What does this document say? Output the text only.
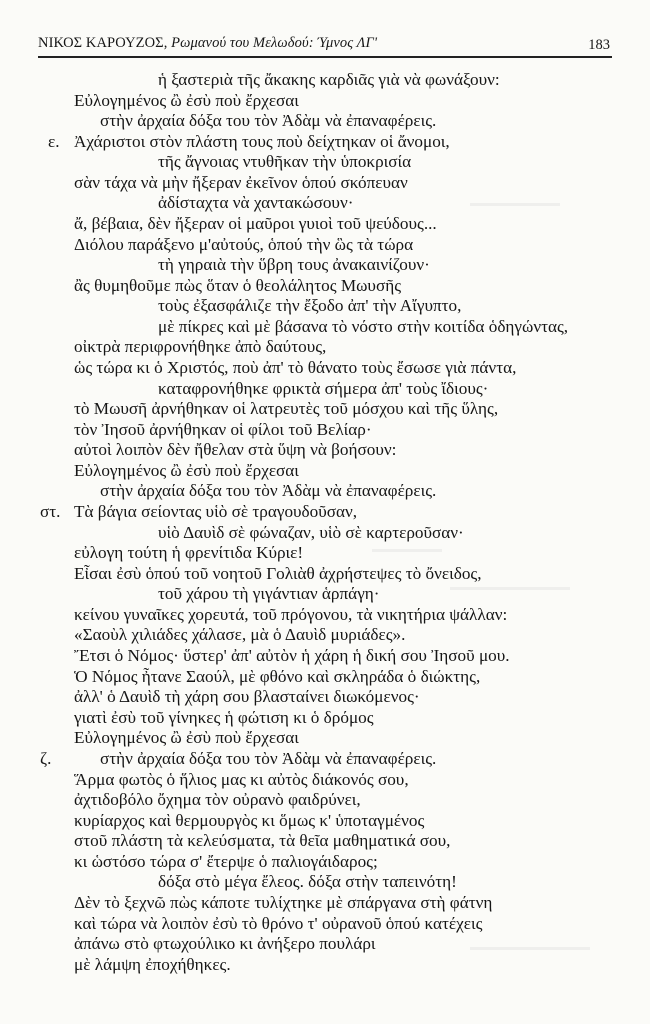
ΝΙΚΟΣ ΚΑΡΟΥΖΟΣ, Ρωμανού του Μελωδού: Ύμνος ΛΓ'	183
ε.
στ.
ζ.
ἡ ξαστεριὰ τῆς ἄκακης καρδιᾶς γιὰ νὰ φωνάξουν:
Εὐλογημένος ὢ ἐσὺ ποὺ ἔρχεσαι
στὴν ἀρχαία δόξα του τὸν Ἀδὰμ νὰ ἐπαναφέρεις.
Ἀχάριστοι στὸν πλάστη τους ποὺ δείχτηκαν οἱ ἄνομοι,
τῆς ἄγνοιας ντυθῆκαν τὴν ὑποκρισία
σὰν τάχα νὰ μὴν ἤξεραν ἐκεῖνον ὁπού σκόπευαν
ἀδίσταχτα νὰ χαντακώσουν·
ἄ, βέβαια, δὲν ἤξεραν οἱ μαῦροι γυιοὶ τοῦ ψεύδους...
Διόλου παράξενο μ'αὐτούς, ὁπού τὴν ὣς τὰ τώρα
τὴ γηραιὰ τὴν ὕβρη τους ἀνακαινίζουν·
ἂς θυμηθοῦμε πὼς ὅταν ὁ θεολάλητος Μωυσῆς
τοὺς ἐξασφάλιζε τὴν ἔξοδο ἀπ' τὴν Αἴγυπτο,
μὲ πίκρες καὶ μὲ βάσανα τὸ νόστο στὴν κοιτίδα ὁδηγώντας,
οἰκτρὰ περιφρονήθηκε ἀπὸ δαύτους,
ὡς τώρα κι ὁ Χριστός, ποὺ ἀπ' τὸ θάνατο τοὺς ἔσωσε γιὰ πάντα,
καταφρονήθηκε φρικτὰ σήμερα ἀπ' τοὺς ἴδιους·
τὸ Μωυσῆ ἀρνήθηκαν οἱ λατρευτὲς τοῦ μόσχου καὶ τῆς ὕλης,
τὸν Ἰησοῦ ἀρνήθηκαν οἱ φίλοι τοῦ Βελίαρ·
αὐτοὶ λοιπὸν δὲν ἤθελαν στὰ ὕψη νὰ βοήσουν:
Εὐλογημένος ὢ ἐσὺ ποὺ ἔρχεσαι
στὴν ἀρχαία δόξα του τὸν Ἀδὰμ νὰ ἐπαναφέρεις.
Τὰ βάγια σείοντας υἱὸ σὲ τραγουδοῦσαν,
υἱὸ Δαυὶδ σὲ φώναζαν, υἱὸ σὲ καρτεροῦσαν·
εὐλογη τούτη ἡ φρενίτιδα Κύριε!
Εἶσαι ἐσὺ ὁπού τοῦ νοητοῦ Γολιὰθ ἀχρήστεψες τὸ ὄνειδος,
τοῦ χάρου τὴ γιγάντιαν ἁρπάγη·
κείνου γυναῖκες χορευτά, τοῦ πρόγονου, τὰ νικητήρια ψάλλαν:
«Σαοὺλ χιλιάδες χάλασε, μὰ ὁ Δαυὶδ μυριάδες».
Ἔτσι ὁ Νόμος· ὕστερ' ἀπ' αὐτὸν ἡ χάρη ἡ δική σου Ἰησοῦ μου.
Ὁ Νόμος ἦτανε Σαούλ, μὲ φθόνο καὶ σκληράδα ὁ διώκτης,
ἀλλ' ὁ Δαυὶδ τὴ χάρη σου βλασταίνει διωκόμενος·
γιατὶ ἐσὺ τοῦ γίνηκες ἡ φώτιση κι ὁ δρόμος
Εὐλογημένος ὢ ἐσὺ ποὺ ἔρχεσαι
στὴν ἀρχαία δόξα του τὸν Ἀδὰμ νὰ ἐπαναφέρεις.
Ἅρμα φωτὸς ὁ ἥλιος μας κι αὐτὸς διάκονός σου,
ἀχτιδοβόλο ὄχημα τὸν οὐρανὸ φαιδρύνει,
κυρίαρχος καὶ θερμουργὸς κι ὅμως κ' ὑποταγμένος
στοῦ πλάστη τὰ κελεύσματα, τὰ θεῖα μαθηματικά σου,
κι ὡστόσο τώρα σ' ἔτερψε ὁ παλιογάιδαρος;
δόξα στὸ μέγα ἔλεος. δόξα στὴν ταπεινότη!
Δὲν τὸ ξεχνῶ πὼς κάποτε τυλίχτηκε μὲ σπάργανα στὴ φάτνη
καὶ τώρα νὰ λοιπὸν ἐσὺ τὸ θρόνο τ' οὐρανοῦ ὁπού κατέχεις
ἀπάνω στὸ φτωχούλικο κι ἀνήξερο πουλάρι
μὲ λάμψη ἐποχήθηκες.
